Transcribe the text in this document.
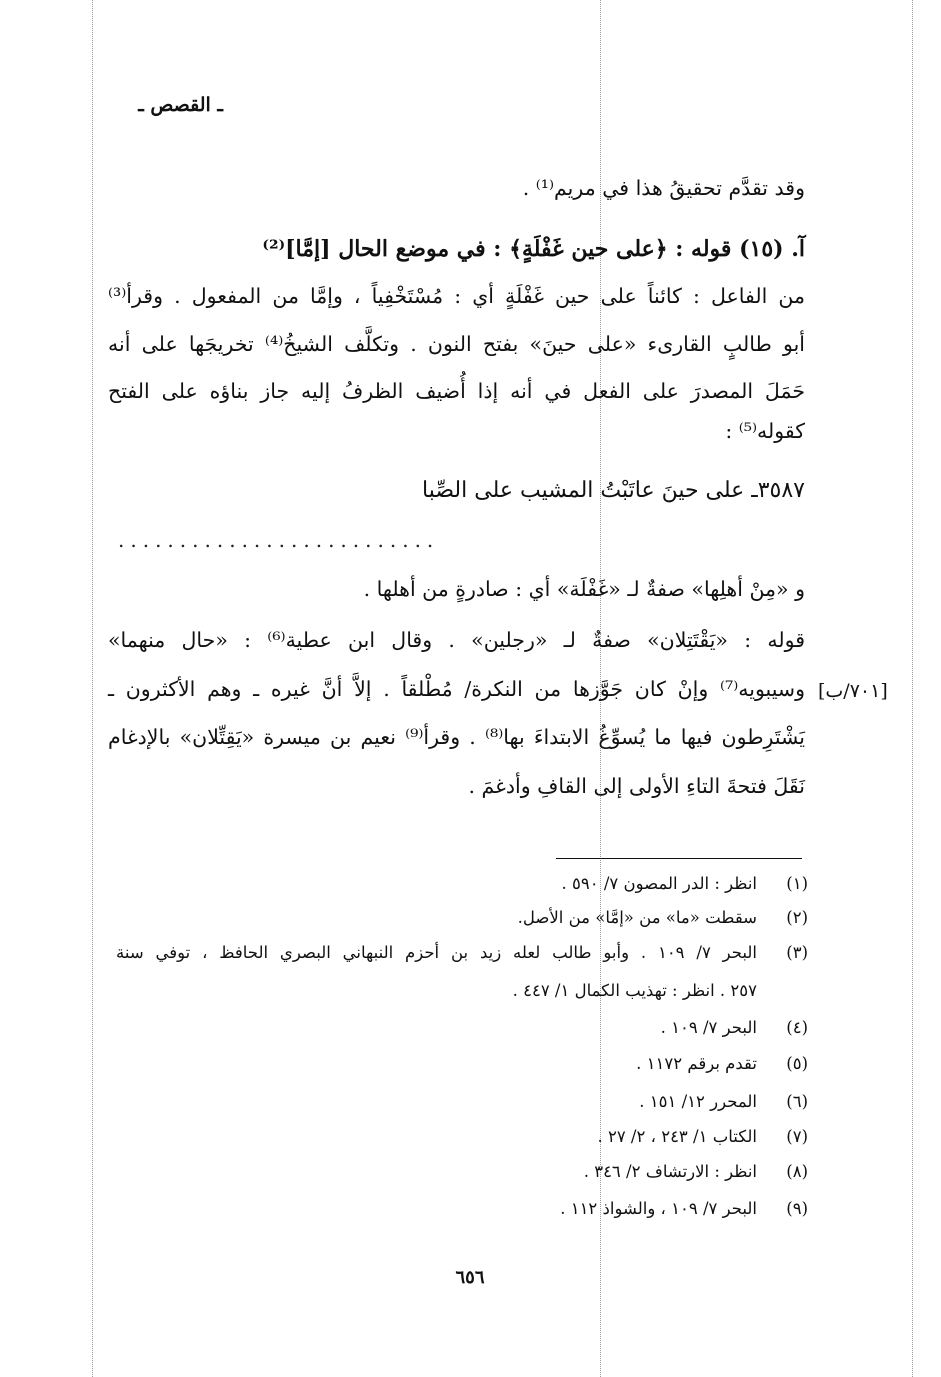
ـ القصص ـ
وقد تقدَّم تحقيقُ هذا في مريم⁽¹⁾ .
آ. (١٥) قوله : ﴿على حين غَفْلَةٍ﴾ : في موضع الحال [إمَّا]⁽²⁾
من الفاعل : كائناً على حين غَفْلَةٍ أي : مُسْتَخْفِياً ، وإمَّا من المفعول . وقرأ⁽³⁾
أبو طالبٍ القارىء «على حينَ» بفتح النون . وتكلَّف الشيخُ⁽⁴⁾ تخريجَها على أنه
حَمَلَ المصدرَ على الفعل في أنه إذا أُضيف الظرفُ إليه جاز بناؤه على الفتح
كقوله⁽⁵⁾ :
٣٥٨٧ـ على حينَ عاتَبْتُ المشيب على الصِّبا
..........................
و «مِنْ أهلِها» صفةٌ لـ «غَفْلَة» أي : صادرةٍ من أهلها .
قوله : «يَقْتَتِلان» صفةٌ لـ «رجلين» . وقال ابن عطية⁽⁶⁾ : «حال منهما»
وسيبويه⁽⁷⁾ وإنْ كان جَوَّزها من النكرة/ مُطْلقاً . إلاَّ أنَّ غيره ـ وهم الأكثرون ـ
يَشْتَرِطون فيها ما يُسوِّغُ الابتداءَ بها⁽⁸⁾ . وقرأ⁽⁹⁾ نعيم بن ميسرة «يَقِتِّلان» بالإدغام
نَقَلَ فتحةَ التاءِ الأولى إلى القافِ وأدغمَ .
[٧٠١/ب]
(١)
انظر : الدر المصون ٧/ ٥٩٠ .
(٢)
سقطت «ما» من «إمَّا» من الأصل.
(٣)
البحر ٧/ ١٠٩ . وأبو طالب لعله زيد بن أحزم النبهاني البصري الحافظ ، توفي سنة
٢٥٧ . انظر : تهذيب الكمال ١/ ٤٤٧ .
(٤)
البحر ٧/ ١٠٩ .
(٥)
تقدم برقم ١١٧٢ .
(٦)
المحرر ١٢/ ١٥١ .
(٧)
الكتاب ١/ ٢٤٣ ، ٢/ ٢٧ .
(٨)
انظر : الارتشاف ٢/ ٣٤٦ .
(٩)
البحر ٧/ ١٠٩ ، والشواذ ١١٢ .
٦٥٦
